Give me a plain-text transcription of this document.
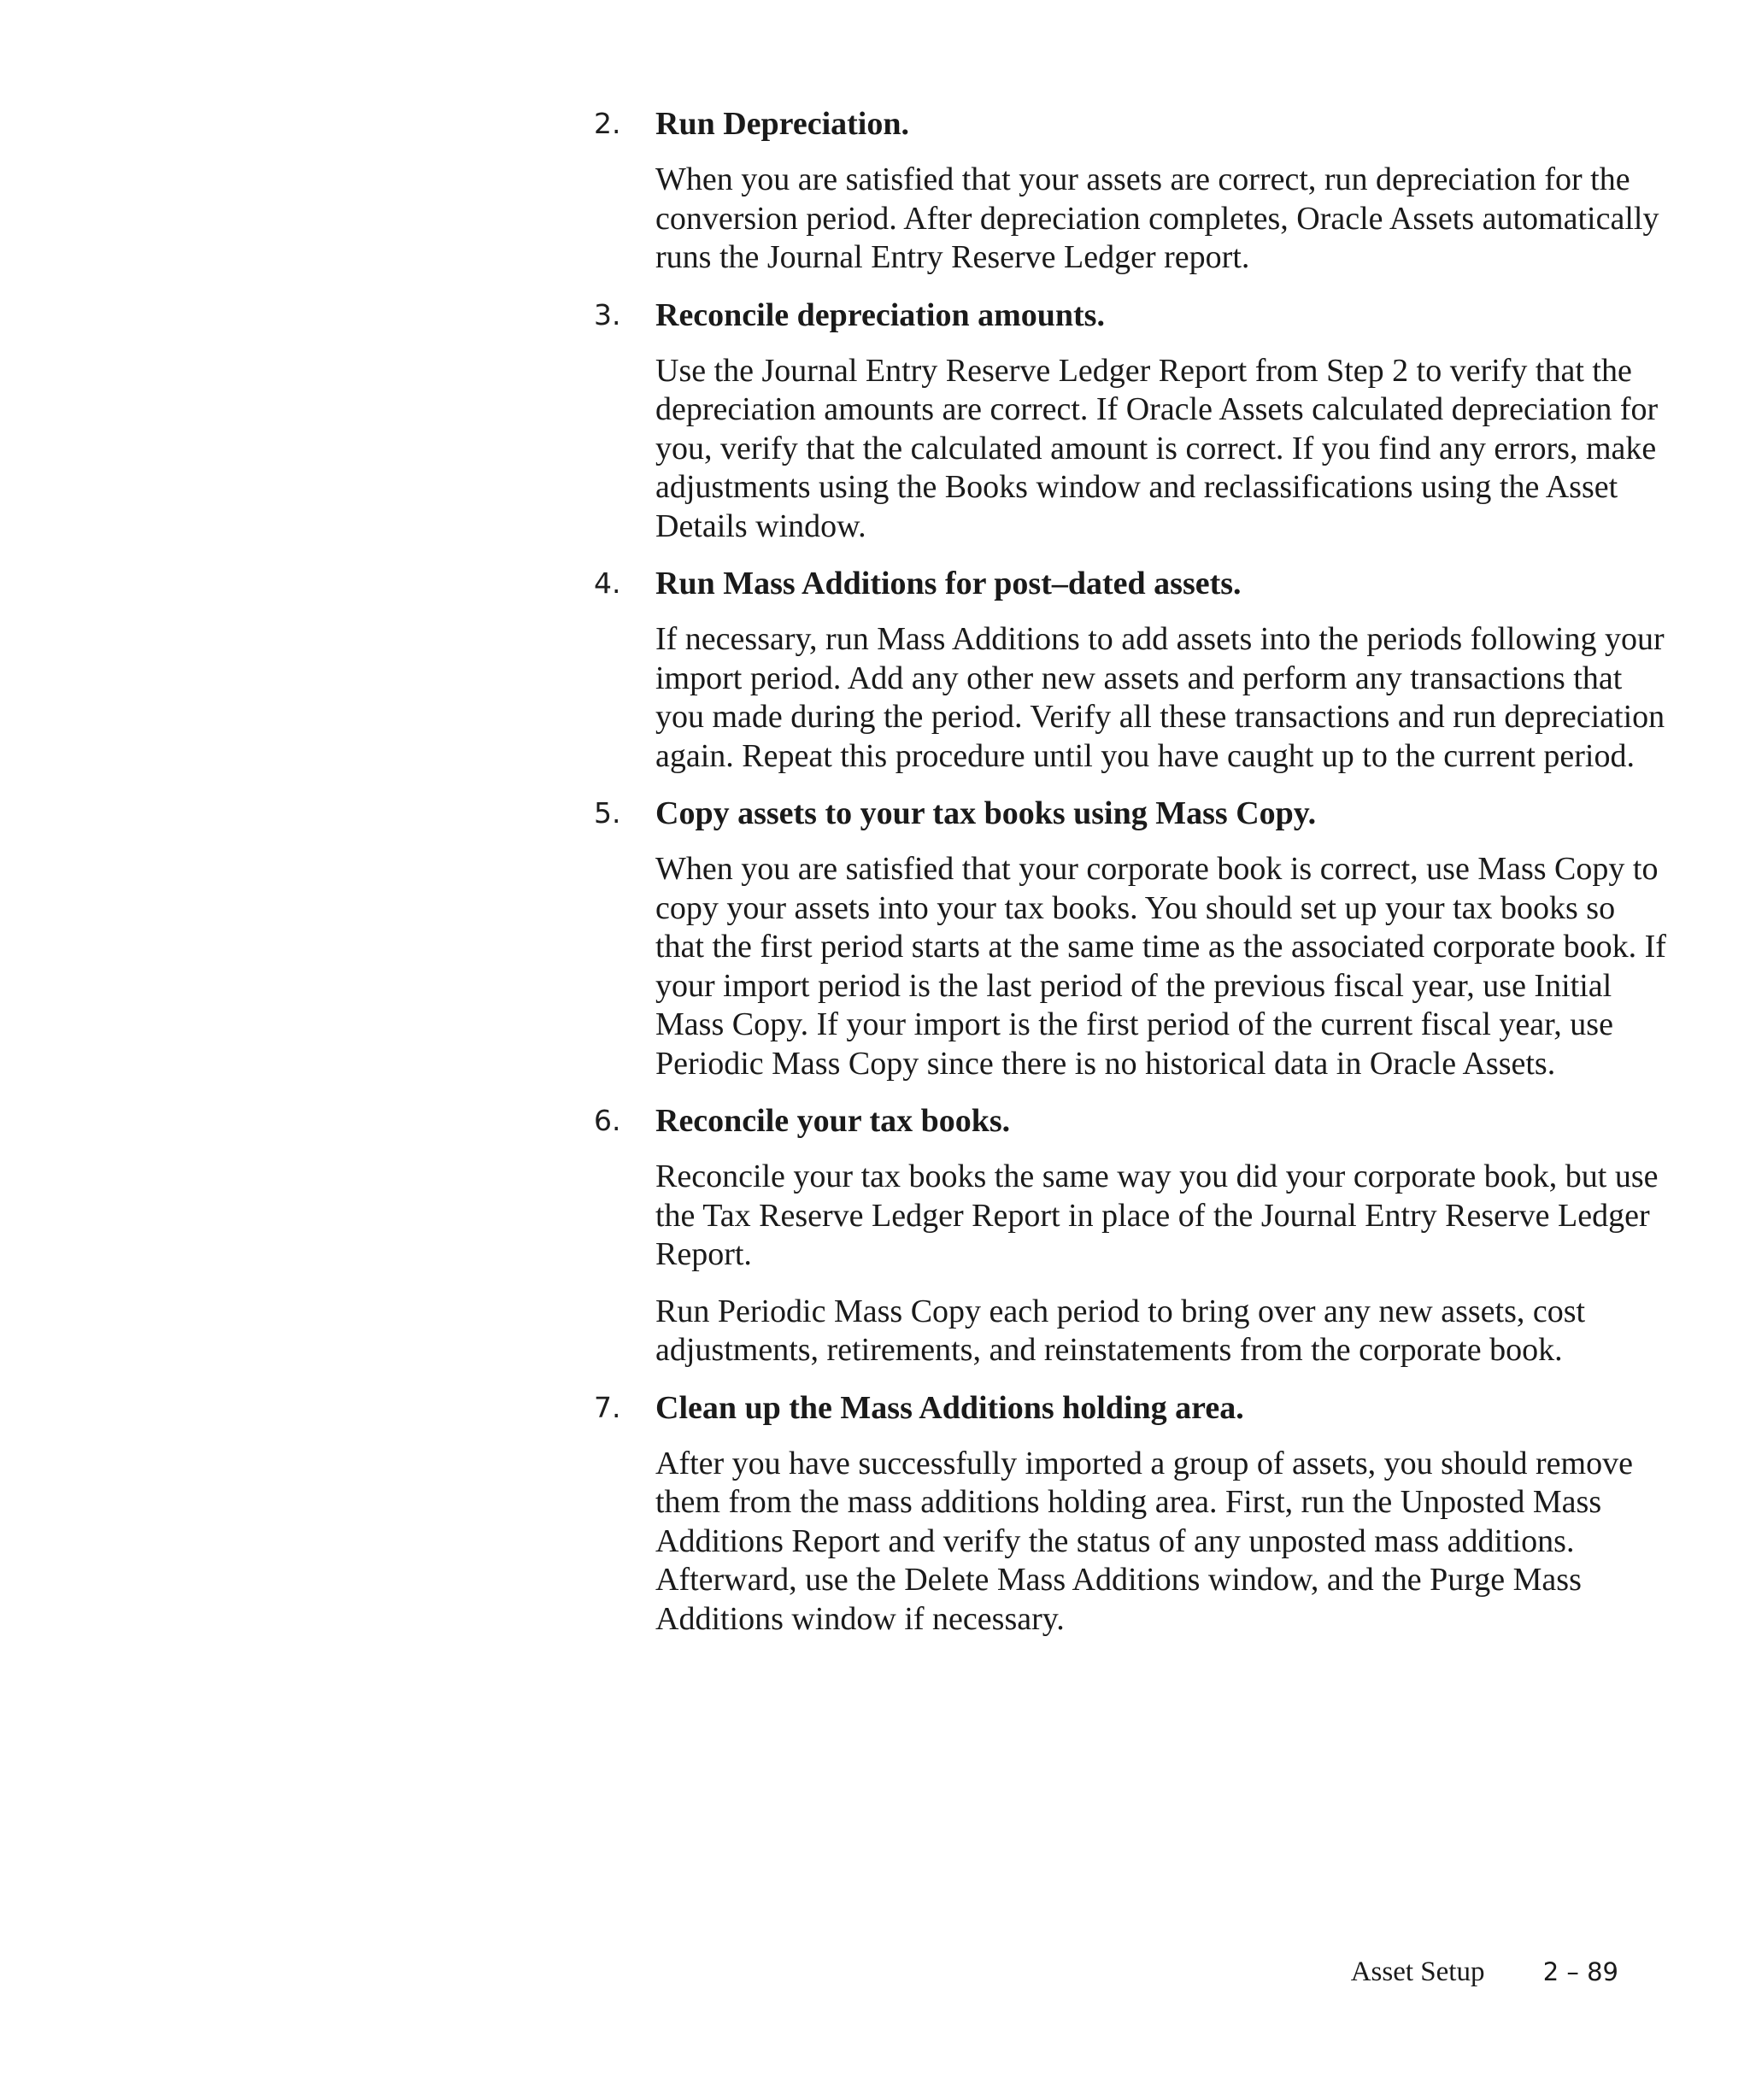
2. Run Depreciation.

When you are satisfied that your assets are correct, run depreciation for the conversion period. After depreciation completes, Oracle Assets automatically runs the Journal Entry Reserve Ledger report.

3. Reconcile depreciation amounts.

Use the Journal Entry Reserve Ledger Report from Step 2 to verify that the depreciation amounts are correct. If Oracle Assets calculated depreciation for you, verify that the calculated amount is correct. If you find any errors, make adjustments using the Books window and reclassifications using the Asset Details window.

4. Run Mass Additions for post–dated assets.

If necessary, run Mass Additions to add assets into the periods following your import period. Add any other new assets and perform any transactions that you made during the period. Verify all these transactions and run depreciation again. Repeat this procedure until you have caught up to the current period.

5. Copy assets to your tax books using Mass Copy.

When you are satisfied that your corporate book is correct, use Mass Copy to copy your assets into your tax books. You should set up your tax books so that the first period starts at the same time as the associated corporate book. If your import period is the last period of the previous fiscal year, use Initial Mass Copy. If your import is the first period of the current fiscal year, use Periodic Mass Copy since there is no historical data in Oracle Assets.

6. Reconcile your tax books.

Reconcile your tax books the same way you did your corporate book, but use the Tax Reserve Ledger Report in place of the Journal Entry Reserve Ledger Report.

Run Periodic Mass Copy each period to bring over any new assets, cost adjustments, retirements, and reinstatements from the corporate book.

7. Clean up the Mass Additions holding area.

After you have successfully imported a group of assets, you should remove them from the mass additions holding area. First, run the Unposted Mass Additions Report and verify the status of any unposted mass additions. Afterward, use the Delete Mass Additions window, and the Purge Mass Additions window if necessary.

Asset Setup 2 – 89
